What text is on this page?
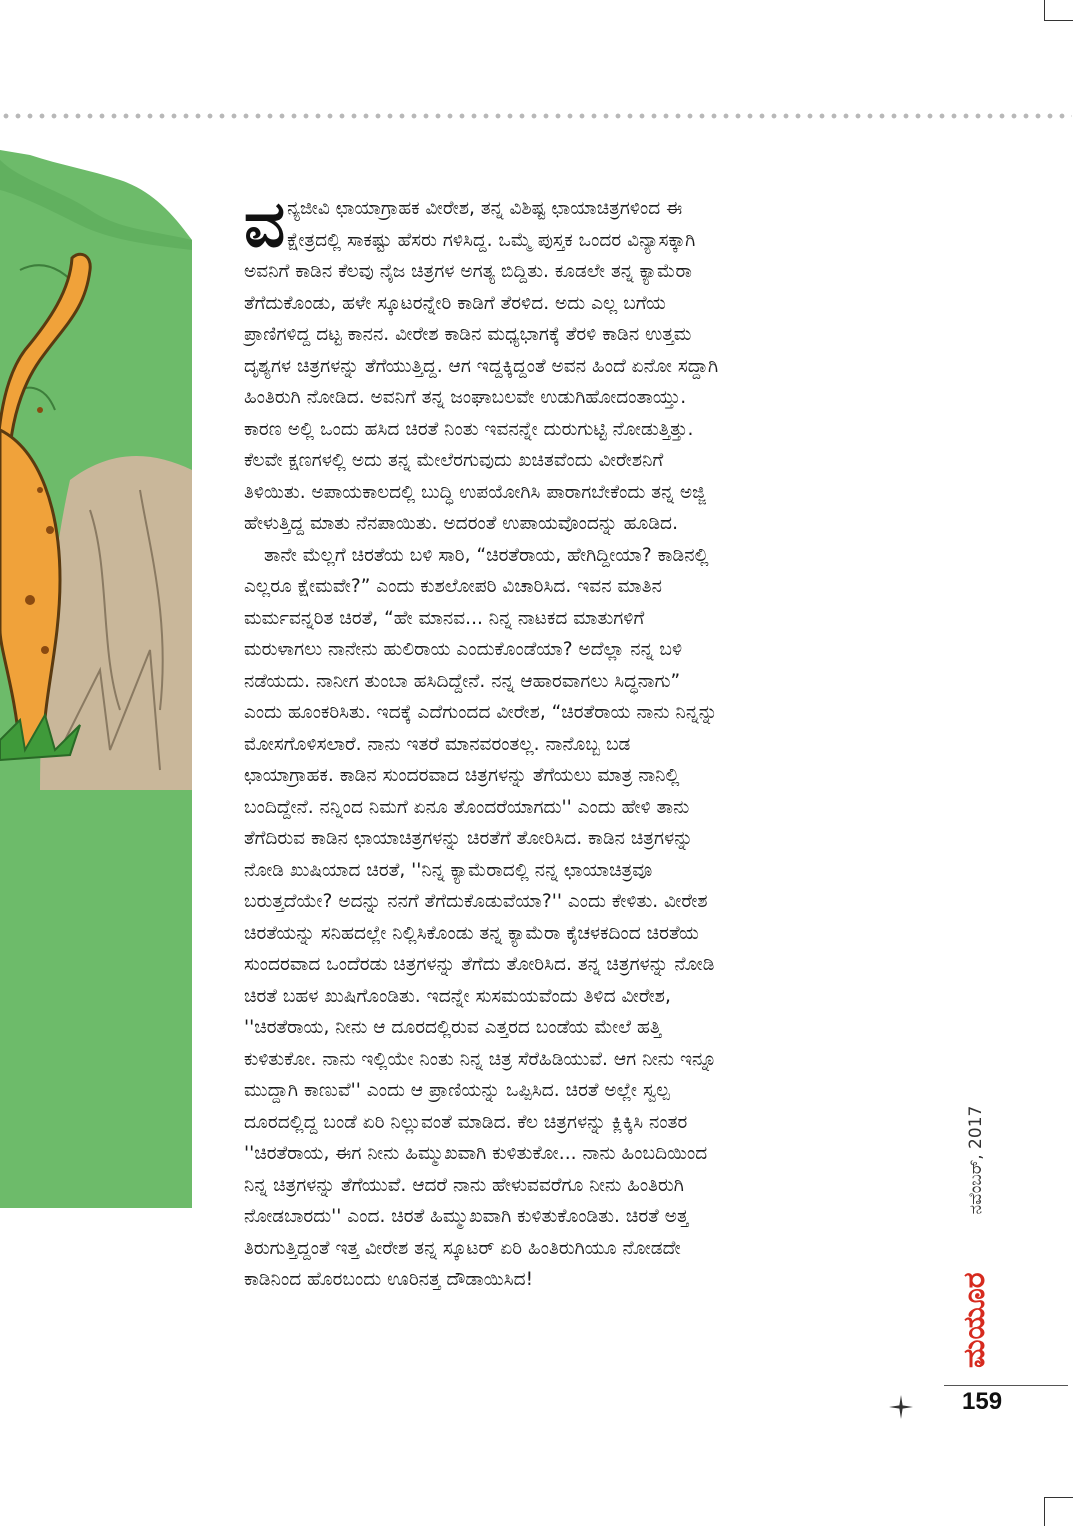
ವ ನ್ಯಜೀವಿ ಛಾಯಾಗ್ರಾಹಕ ವೀರೇಶ, ತನ್ನ ವಿಶಿಷ್ಟ ಛಾಯಾಚಿತ್ರಗಳಿಂದ ಈ
ಕ್ಷೇತ್ರದಲ್ಲಿ ಸಾಕಷ್ಟು ಹೆಸರು ಗಳಿಸಿದ್ದ. ಒಮ್ಮೆ ಪುಸ್ತಕ ಒಂದರ ವಿನ್ಯಾಸಕ್ಕಾಗಿ
ಅವನಿಗೆ ಕಾಡಿನ ಕೆಲವು ನೈಜ ಚಿತ್ರಗಳ ಅಗತ್ಯ ಬಿದ್ದಿತು. ಕೂಡಲೇ ತನ್ನ ಕ್ಯಾಮೆರಾ
ತೆಗೆದುಕೊಂಡು, ಹಳೇ ಸ್ಕೂಟರನ್ನೇರಿ ಕಾಡಿಗೆ ತೆರಳಿದ. ಅದು ಎಲ್ಲ ಬಗೆಯ
ಪ್ರಾಣಿಗಳಿದ್ದ ದಟ್ಟ ಕಾನನ. ವೀರೇಶ ಕಾಡಿನ ಮಧ್ಯಭಾಗಕ್ಕೆ ತೆರಳಿ ಕಾಡಿನ ಉತ್ತಮ
ದೃಶ್ಯಗಳ ಚಿತ್ರಗಳನ್ನು ತೆಗೆಯುತ್ತಿದ್ದ. ಆಗ ಇದ್ದಕ್ಕಿದ್ದಂತೆ ಅವನ ಹಿಂದೆ ಏನೋ ಸದ್ದಾಗಿ
ಹಿಂತಿರುಗಿ ನೋಡಿದ. ಅವನಿಗೆ ತನ್ನ ಜಂಘಾಬಲವೇ ಉಡುಗಿಹೋದಂತಾಯ್ತು.
ಕಾರಣ ಅಲ್ಲಿ ಒಂದು ಹಸಿದ ಚಿರತೆ ನಿಂತು ಇವನನ್ನೇ ದುರುಗುಟ್ಟಿ ನೋಡುತ್ತಿತ್ತು.
ಕೆಲವೇ ಕ್ಷಣಗಳಲ್ಲಿ ಅದು ತನ್ನ ಮೇಲೆರಗುವುದು ಖಚಿತವೆಂದು ವೀರೇಶನಿಗೆ
ತಿಳಿಯಿತು. ಅಪಾಯಕಾಲದಲ್ಲಿ ಬುದ್ಧಿ ಉಪಯೋಗಿಸಿ ಪಾರಾಗಬೇಕೆಂದು ತನ್ನ ಅಜ್ಜಿ
ಹೇಳುತ್ತಿದ್ದ ಮಾತು ನೆನಪಾಯಿತು. ಅದರಂತೆ ಉಪಾಯವೊಂದನ್ನು ಹೂಡಿದ.
ತಾನೇ ಮೆಲ್ಲಗೆ ಚಿರತೆಯ ಬಳಿ ಸಾರಿ, “ಚಿರತೆರಾಯ, ಹೇಗಿದ್ದೀಯಾ? ಕಾಡಿನಲ್ಲಿ
ಎಲ್ಲರೂ ಕ್ಷೇಮವೇ?” ಎಂದು ಕುಶಲೋಪರಿ ವಿಚಾರಿಸಿದ. ಇವನ ಮಾತಿನ
ಮರ್ಮವನ್ನರಿತ ಚಿರತೆ, “ಹೇ ಮಾನವ... ನಿನ್ನ ನಾಟಕದ ಮಾತುಗಳಿಗೆ
ಮರುಳಾಗಲು ನಾನೇನು ಹುಲಿರಾಯ ಎಂದುಕೊಂಡೆಯಾ? ಅದೆಲ್ಲಾ ನನ್ನ ಬಳಿ
ನಡೆಯದು. ನಾನೀಗ ತುಂಬಾ ಹಸಿದಿದ್ದೇನೆ. ನನ್ನ ಆಹಾರವಾಗಲು ಸಿದ್ಧನಾಗು”
ಎಂದು ಹೂಂಕರಿಸಿತು. ಇದಕ್ಕೆ ಎದೆಗುಂದದ ವೀರೇಶ, “ಚಿರತೆರಾಯ ನಾನು ನಿನ್ನನ್ನು
ಮೋಸಗೊಳಿಸಲಾರೆ. ನಾನು ಇತರೆ ಮಾನವರಂತಲ್ಲ. ನಾನೊಬ್ಬ ಬಡ
ಛಾಯಾಗ್ರಾಹಕ. ಕಾಡಿನ ಸುಂದರವಾದ ಚಿತ್ರಗಳನ್ನು ತೆಗೆಯಲು ಮಾತ್ರ ನಾನಿಲ್ಲಿ
ಬಂದಿದ್ದೇನೆ. ನನ್ನಿಂದ ನಿಮಗೆ ಏನೂ ತೊಂದರೆಯಾಗದು'' ಎಂದು ಹೇಳಿ ತಾನು
ತೆಗೆದಿರುವ ಕಾಡಿನ ಛಾಯಾಚಿತ್ರಗಳನ್ನು ಚಿರತೆಗೆ ತೋರಿಸಿದ. ಕಾಡಿನ ಚಿತ್ರಗಳನ್ನು
ನೋಡಿ ಖುಷಿಯಾದ ಚಿರತೆ, ''ನಿನ್ನ ಕ್ಯಾಮೆರಾದಲ್ಲಿ ನನ್ನ ಛಾಯಾಚಿತ್ರವೂ
ಬರುತ್ತದೆಯೇ? ಅದನ್ನು ನನಗೆ ತೆಗೆದುಕೊಡುವೆಯಾ?'' ಎಂದು ಕೇಳಿತು. ವೀರೇಶ
ಚಿರತೆಯನ್ನು ಸನಿಹದಲ್ಲೇ ನಿಲ್ಲಿಸಿಕೊಂಡು ತನ್ನ ಕ್ಯಾಮೆರಾ ಕೈಚಳಕದಿಂದ ಚಿರತೆಯ
ಸುಂದರವಾದ ಒಂದೆರಡು ಚಿತ್ರಗಳನ್ನು ತೆಗೆದು ತೋರಿಸಿದ. ತನ್ನ ಚಿತ್ರಗಳನ್ನು ನೋಡಿ
ಚಿರತೆ ಬಹಳ ಖುಷಿಗೊಂಡಿತು. ಇದನ್ನೇ ಸುಸಮಯವೆಂದು ತಿಳಿದ ವೀರೇಶ,
''ಚಿರತೆರಾಯ, ನೀನು ಆ ದೂರದಲ್ಲಿರುವ ಎತ್ತರದ ಬಂಡೆಯ ಮೇಲೆ ಹತ್ತಿ
ಕುಳಿತುಕೋ. ನಾನು ಇಲ್ಲಿಯೇ ನಿಂತು ನಿನ್ನ ಚಿತ್ರ ಸೆರೆಹಿಡಿಯುವೆ. ಆಗ ನೀನು ಇನ್ನೂ
ಮುದ್ದಾಗಿ ಕಾಣುವೆ'' ಎಂದು ಆ ಪ್ರಾಣಿಯನ್ನು ಒಪ್ಪಿಸಿದ. ಚಿರತೆ ಅಲ್ಲೇ ಸ್ವಲ್ಪ
ದೂರದಲ್ಲಿದ್ದ ಬಂಡೆ ಏರಿ ನಿಲ್ಲುವಂತೆ ಮಾಡಿದ. ಕೆಲ ಚಿತ್ರಗಳನ್ನು ಕ್ಲಿಕ್ಕಿಸಿ ನಂತರ
''ಚಿರತೆರಾಯ, ಈಗ ನೀನು ಹಿಮ್ಮುಖವಾಗಿ ಕುಳಿತುಕೋ... ನಾನು ಹಿಂಬದಿಯಿಂದ
ನಿನ್ನ ಚಿತ್ರಗಳನ್ನು ತೆಗೆಯುವೆ. ಆದರೆ ನಾನು ಹೇಳುವವರೆಗೂ ನೀನು ಹಿಂತಿರುಗಿ
ನೋಡಬಾರದು'' ಎಂದ. ಚಿರತೆ ಹಿಮ್ಮುಖವಾಗಿ ಕುಳಿತುಕೊಂಡಿತು. ಚಿರತೆ ಅತ್ತ
ತಿರುಗುತ್ತಿದ್ದಂತೆ ಇತ್ತ ವೀರೇಶ ತನ್ನ ಸ್ಕೂಟರ್ ಏರಿ ಹಿಂತಿರುಗಿಯೂ ನೋಡದೇ
ಕಾಡಿನಿಂದ ಹೊರಬಂದು ಊರಿನತ್ತ ದೌಡಾಯಿಸಿದ!	ಮಯೂರ
ನವೆಂಬರ್, 2017
159
